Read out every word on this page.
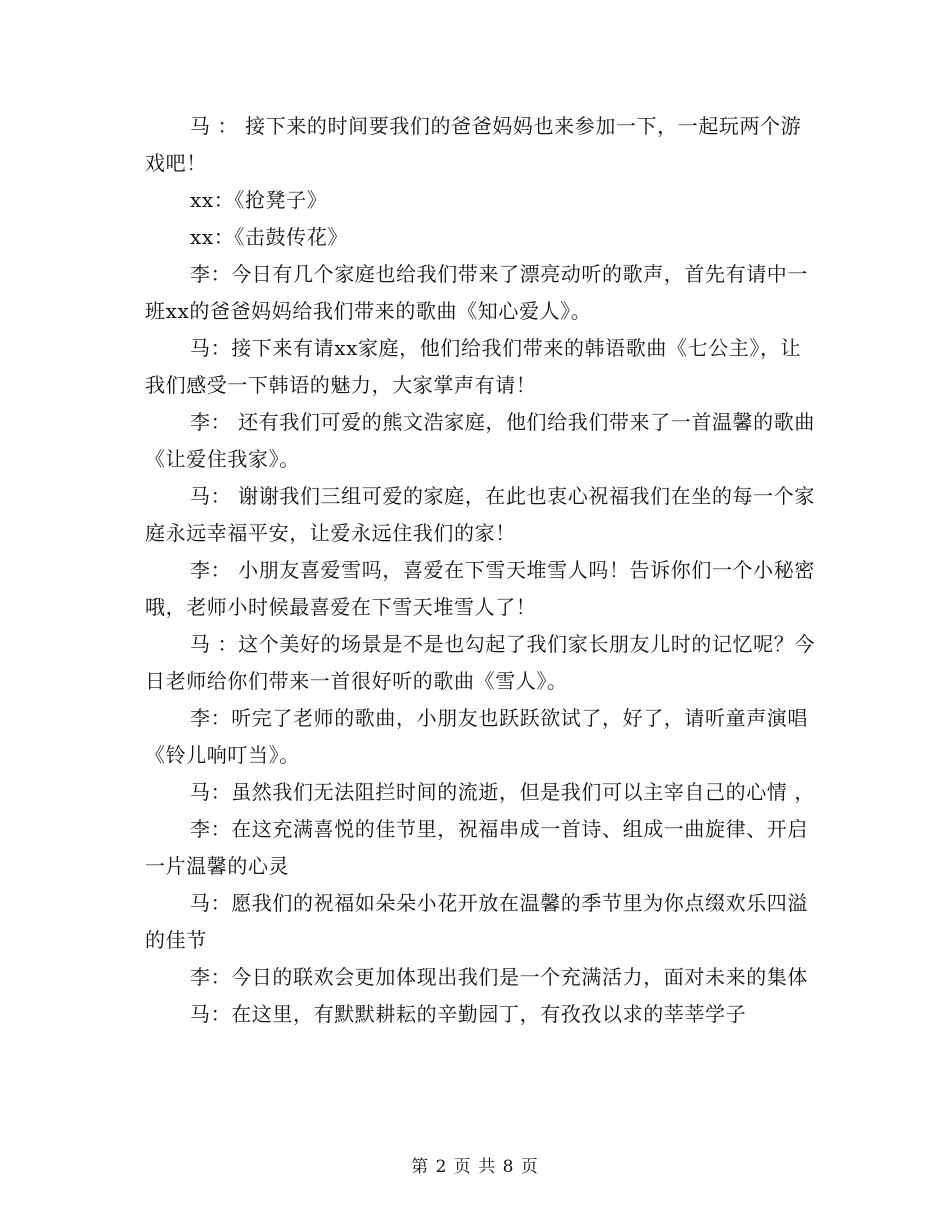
马 ： 接下来的时间要我们的爸爸妈妈也来参加一下，一起玩两个游戏吧！

xx：《抢凳子》

xx：《击鼓传花》

李：今日有几个家庭也给我们带来了漂亮动听的歌声，首先有请中一班xx的爸爸妈妈给我们带来的歌曲《知心爱人》。

马：接下来有请xx家庭，他们给我们带来的韩语歌曲《七公主》，让我们感受一下韩语的魅力，大家掌声有请！

李： 还有我们可爱的熊文浩家庭，他们给我们带来了一首温馨的歌曲《让爱住我家》。

马： 谢谢我们三组可爱的家庭，在此也衷心祝福我们在坐的每一个家庭永远幸福平安，让爱永远住我们的家！

李： 小朋友喜爱雪吗，喜爱在下雪天堆雪人吗！告诉你们一个小秘密哦，老师小时候最喜爱在下雪天堆雪人了！

马 ：这个美好的场景是不是也勾起了我们家长朋友儿时的记忆呢？今日老师给你们带来一首很好听的歌曲《雪人》。

李：听完了老师的歌曲，小朋友也跃跃欲试了，好了，请听童声演唱《铃儿响叮当》。

马：虽然我们无法阻拦时间的流逝，但是我们可以主宰自己的心情 ，

李：在这充满喜悦的佳节里，祝福串成一首诗、组成一曲旋律、开启一片温馨的心灵

马：愿我们的祝福如朵朵小花开放在温馨的季节里为你点缀欢乐四溢的佳节

李：今日的联欢会更加体现出我们是一个充满活力，面对未来的集体

马：在这里，有默默耕耘的辛勤园丁，有孜孜以求的莘莘学子

第 2 页 共 8 页
